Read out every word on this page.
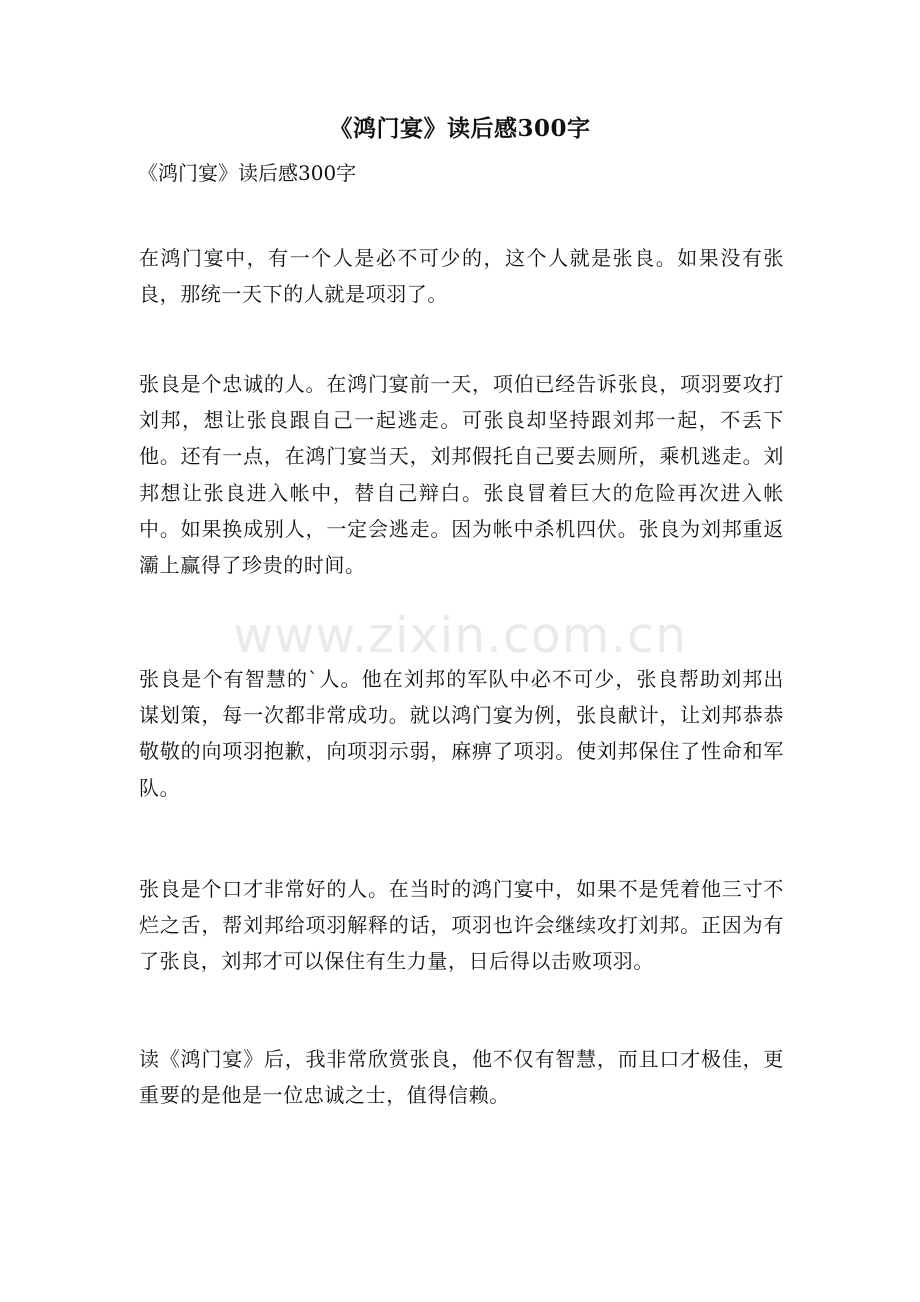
《鸿门宴》读后感300字
《鸿门宴》读后感300字

在鸿门宴中，有一个人是必不可少的，这个人就是张良。如果没有张良，那统一天下的人就是项羽了。

张良是个忠诚的人。在鸿门宴前一天，项伯已经告诉张良，项羽要攻打刘邦，想让张良跟自己一起逃走。可张良却坚持跟刘邦一起，不丢下他。还有一点，在鸿门宴当天，刘邦假托自己要去厕所，乘机逃走。刘邦想让张良进入帐中，替自己辩白。张良冒着巨大的危险再次进入帐中。如果换成别人，一定会逃走。因为帐中杀机四伏。张良为刘邦重返灞上赢得了珍贵的时间。

张良是个有智慧的`人。他在刘邦的军队中必不可少，张良帮助刘邦出谋划策，每一次都非常成功。就以鸿门宴为例，张良献计，让刘邦恭恭敬敬的向项羽抱歉，向项羽示弱，麻痹了项羽。使刘邦保住了性命和军队。

张良是个口才非常好的人。在当时的鸿门宴中，如果不是凭着他三寸不烂之舌，帮刘邦给项羽解释的话，项羽也许会继续攻打刘邦。正因为有了张良，刘邦才可以保住有生力量，日后得以击败项羽。

读《鸿门宴》后，我非常欣赏张良，他不仅有智慧，而且口才极佳，更重要的是他是一位忠诚之士，值得信赖。

www.zixin.com.cn
